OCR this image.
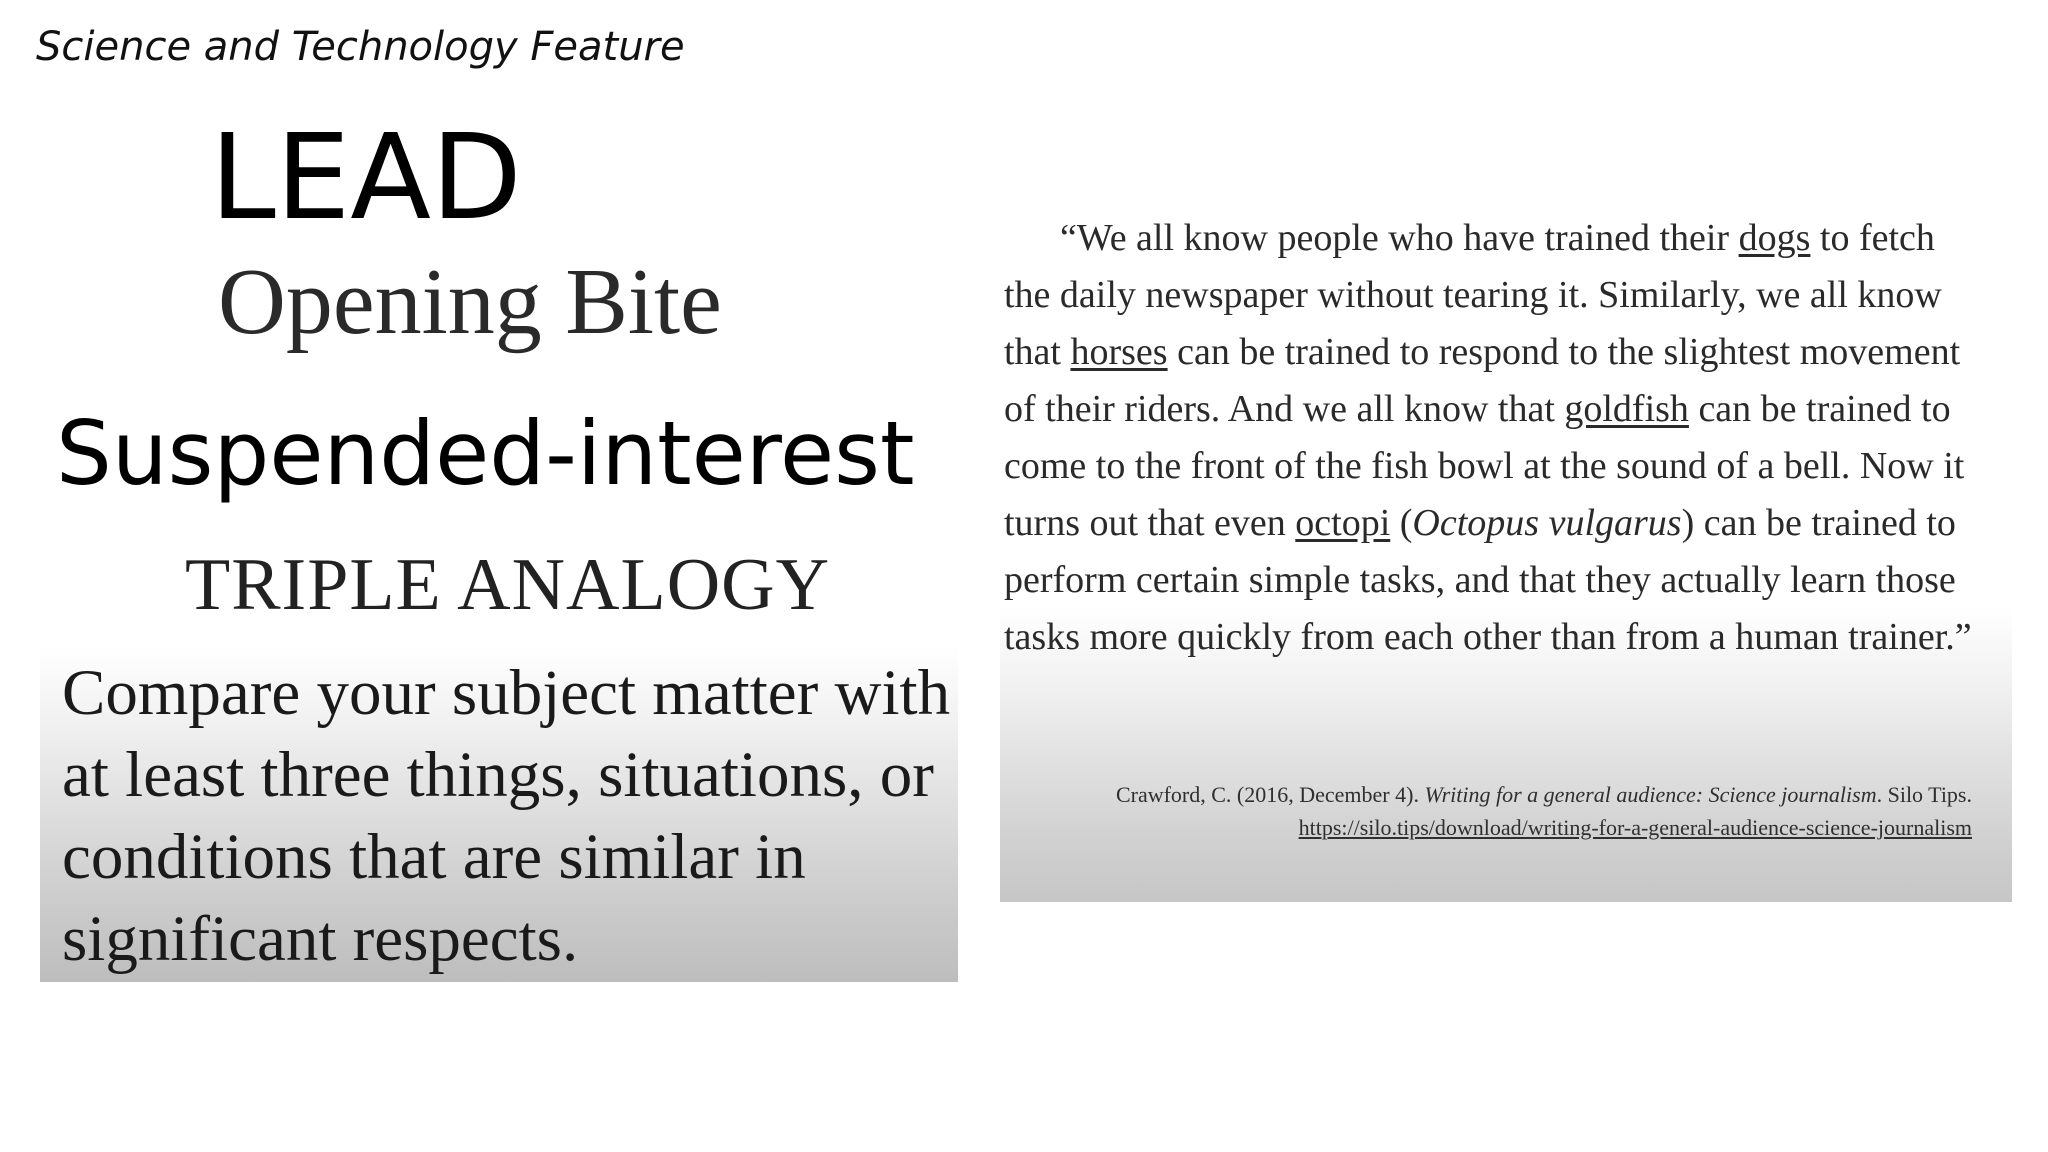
Science and Technology Feature
LEAD
Opening Bite
Suspended-interest
TRIPLE ANALOGY
Compare your subject matter with at least three things, situations, or conditions that are similar in significant respects.
“We all know people who have trained their dogs to fetch the daily newspaper without tearing it. Similarly, we all know that horses can be trained to respond to the slightest movement of their riders. And we all know that goldfish can be trained to come to the front of the fish bowl at the sound of a bell. Now it turns out that even octopi (Octopus vulgarus) can be trained to perform certain simple tasks, and that they actually learn those tasks more quickly from each other than from a human trainer.”
Crawford, C. (2016, December 4). Writing for a general audience: Science journalism. Silo Tips. https://silo.tips/download/writing-for-a-general-audience-science-journalism
